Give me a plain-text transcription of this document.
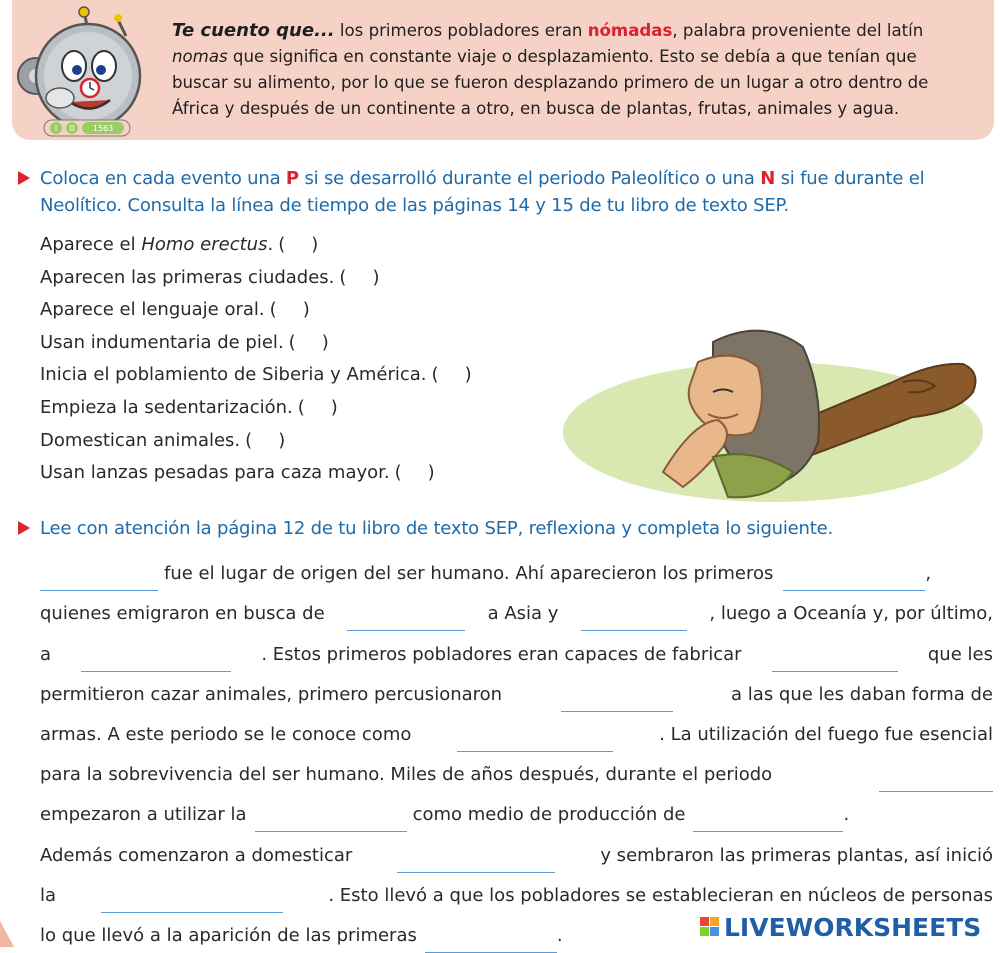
I II 1563
Te cuento que... los primeros pobladores eran nómadas, palabra proveniente del latín nomas que significa en constante viaje o desplazamiento. Esto se debía a que tenían que buscar su alimento, por lo que se fueron desplazando primero de un lugar a otro dentro de África y después de un continente a otro, en busca de plantas, frutas, animales y agua.
Coloca en cada evento una P si se desarrolló durante el periodo Paleolítico o una N si fue durante el Neolítico. Consulta la línea de tiempo de las páginas 14 y 15 de tu libro de texto SEP.
Aparece el Homo erectus. ( )
Aparecen las primeras ciudades. ( )
Aparece el lenguaje oral. ( )
Usan indumentaria de piel. ( )
Inicia el poblamiento de Siberia y América. ( )
Empieza la sedentarización. ( )
Domestican animales. ( )
Usan lanzas pesadas para caza mayor. ( )
Lee con atención la página 12 de tu libro de texto SEP, reflexiona y completa lo siguiente.
fue el lugar de origen del ser humano. Ahí aparecieron los primeros	,
quienes emigraron en busca de	a Asia y	, luego a Oceanía y, por último,
a	. Estos primeros pobladores eran capaces de fabricar	que les
permitieron cazar animales, primero percusionaron	a las que les daban forma de
armas. A este periodo se le conoce como	. La utilización del fuego fue esencial
para la sobrevivencia del ser humano. Miles de años después, durante el periodo
empezaron a utilizar la	como medio de producción de	.
Además comenzaron a domesticar	y sembraron las primeras plantas, así inició
la	. Esto llevó a que los pobladores se establecieran en núcleos de personas
lo que llevó a la aparición de las primeras	.	LIVEWORKSHEETS
